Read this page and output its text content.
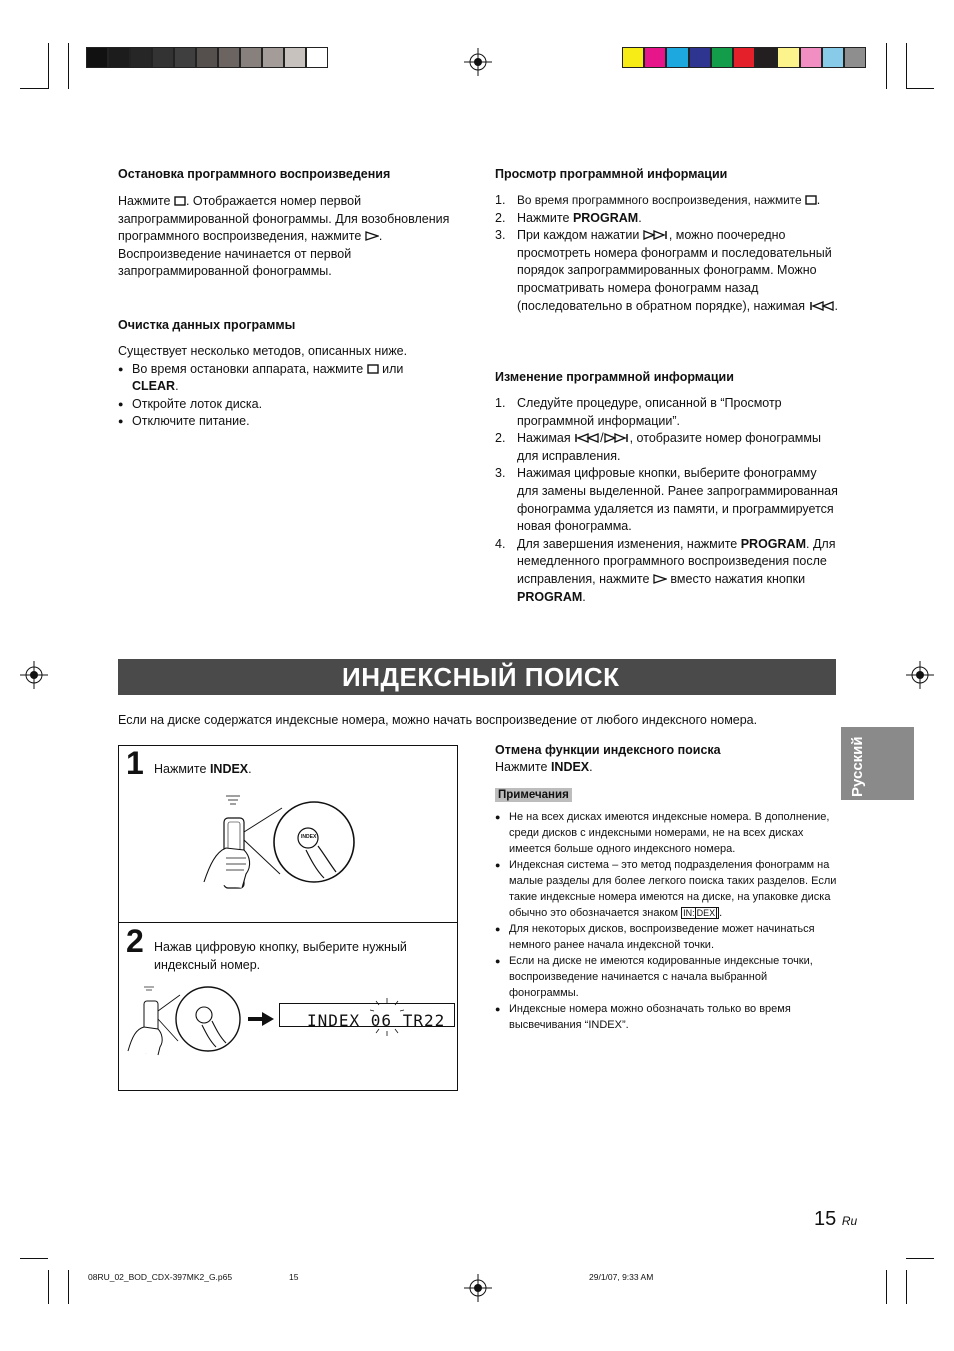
Остановка программного воспроизведения
Нажмите . Отображается номер первой запрограммированной фонограммы. Для возобновления программного воспроизведения, нажмите . Воспроизведение начинается от первой запрограммированной фонограммы.
Очистка данных программы
Существует несколько методов, описанных ниже.
● Во время остановки аппарата, нажмите  или
CLEAR.
● Откройте лоток диска.
● Отключите питание.
Просмотр программной информации
1. Во время программного воспроизведения, нажмите .
2. Нажмите PROGRAM.
3. При каждом нажатии , можно поочередно просмотреть номера фонограмм и последовательный порядок запрограммированных фонограмм. Можно просматривать номера фонограмм назад (последовательно в обратном порядке), нажимая .
Изменение программной информации
1. Следуйте процедуре, описанной в “Просмотр программной информации”.
2. Нажимая / , отобразите номер фонограммы для исправления.
3. Нажимая цифровые кнопки, выберите фонограмму для замены выделенной. Ранее запрограммированная фонограмма удаляется из памяти, и программируется новая фонограмма.
4. Для завершения изменения, нажмите PROGRAM. Для немедленного программного воспроизведения после исправления, нажмите  вместо нажатия кнопки PROGRAM.
ИНДЕКСНЫЙ ПОИСК
Если на диске содержатся индексные номера, можно начать воспроизведение от любого индексного номера.
1 Нажмите INDEX.
INDEX
2 Нажав цифровую кнопку, выберите нужный индексный номер.
INDEX 06 TR22
Отмена функции индексного поиска
Нажмите INDEX.
Примечания
● Не на всех дисках имеются индексные номера. В дополнение, среди дисков с индексными номерами, не на всех дисках имеется больше одного индексного номера.
● Индексная система – это метод подразделения фонограмм на малые разделы для более легкого поиска таких разделов. Если такие индексные номера имеются на диске, на упаковке диска обычно это обозначается знаком IN: DEX .
● Для некоторых дисков, воспроизведение может начинаться немного ранее начала индексной точки.
● Если на диске не имеются кодированные индексные точки, воспроизведение начинается с начала выбранной фонограммы.
● Индексные номера можно обозначать только во время высвечивания “INDEX”.
Русский
15 Ru
08RU_02_BOD_CDX-397MK2_G.p65	15	29/1/07, 9:33 AM
